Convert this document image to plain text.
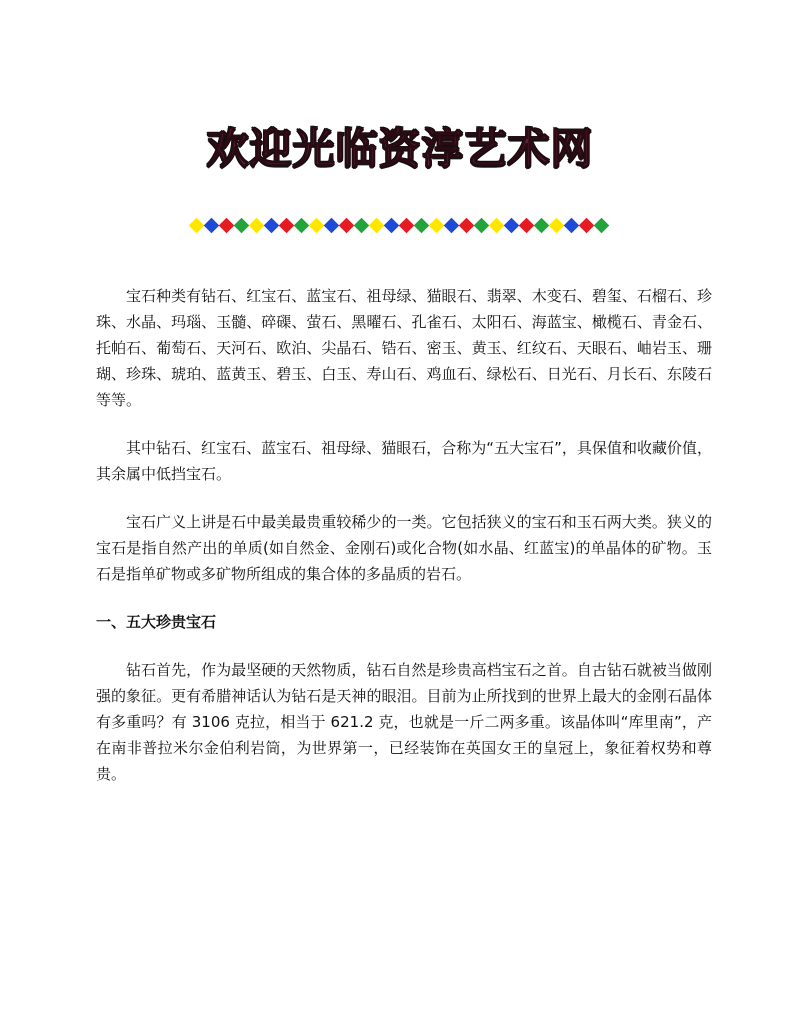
欢迎光临资淳艺术网

宝石种类有钻石、红宝石、蓝宝石、祖母绿、猫眼石、翡翠、木变石、碧玺、石榴石、珍珠、水晶、玛瑙、玉髓、碎磲、萤石、黑曜石、孔雀石、太阳石、海蓝宝、橄榄石、青金石、托帕石、葡萄石、天河石、欧泊、尖晶石、锆石、密玉、黄玉、红纹石、天眼石、岫岩玉、珊瑚、珍珠、琥珀、蓝黄玉、碧玉、白玉、寿山石、鸡血石、绿松石、日光石、月长石、东陵石等等。

其中钻石、红宝石、蓝宝石、祖母绿、猫眼石，合称为“五大宝石”，具保值和收藏价值，其余属中低挡宝石。

宝石广义上讲是石中最美最贵重较稀少的一类。它包括狭义的宝石和玉石两大类。狭义的宝石是指自然产出的单质(如自然金、金刚石)或化合物(如水晶、红蓝宝)的单晶体的矿物。玉石是指单矿物或多矿物所组成的集合体的多晶质的岩石。

一、五大珍贵宝石

钻石首先，作为最坚硬的天然物质，钻石自然是珍贵高档宝石之首。自古钻石就被当做刚强的象征。更有希腊神话认为钻石是天神的眼泪。目前为止所找到的世界上最大的金刚石晶体有多重吗？有 3106 克拉，相当于 621.2 克，也就是一斤二两多重。该晶体叫“库里南”，产在南非普拉米尔金伯利岩筒，为世界第一，已经装饰在英国女王的皇冠上，象征着权势和尊贵。
